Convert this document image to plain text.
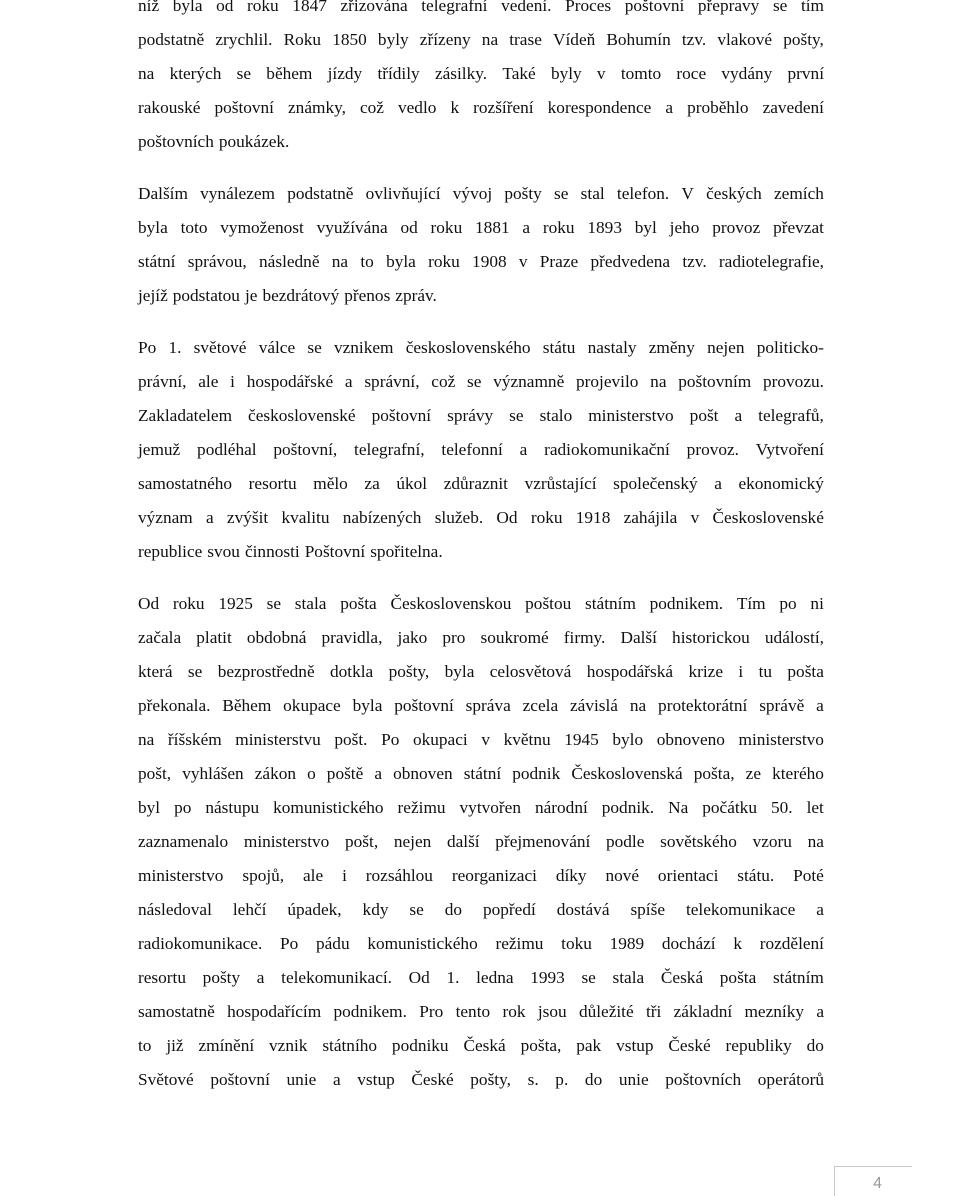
níž byla od roku 1847 zřizována telegrafní vedení. Proces poštovní přepravy se tím
podstatně zrychlil. Roku 1850 byly zřízeny na trase Vídeň Bohumín tzv. vlakové pošty,
na kterých se během jízdy třídily zásilky. Také byly v tomto roce vydány první
rakouské poštovní známky, což vedlo k rozšíření korespondence a proběhlo zavedení
poštovních poukázek.
Dalším vynálezem podstatně ovlivňující vývoj pošty se stal telefon. V českých zemích
byla toto vymoženost využívána od roku 1881 a roku 1893 byl jeho provoz převzat
státní správou, následně na to byla roku 1908 v Praze předvedena tzv. radiotelegrafie,
jejíž podstatou je bezdrátový přenos zpráv.
Po 1. světové válce se vznikem československého státu nastaly změny nejen politicko-
právní, ale i hospodářské a správní, což se významně projevilo na poštovním provozu.
Zakladatelem československé poštovní správy se stalo ministerstvo pošt a telegrafů,
jemuž podléhal poštovní, telegrafní, telefonní a radiokomunikační provoz. Vytvoření
samostatného resortu mělo za úkol zdůraznit vzrůstající společenský a ekonomický
význam a zvýšit kvalitu nabízených služeb. Od roku 1918 zahájila v Československé
republice svou činnosti Poštovní spořitelna.
Od roku 1925 se stala pošta Československou poštou státním podnikem. Tím po ni
začala platit obdobná pravidla, jako pro soukromé firmy. Další historickou událostí,
která se bezprostředně dotkla pošty, byla celosvětová hospodářská krize i tu pošta
překonala. Během okupace byla poštovní správa zcela závislá na protektorátní správě a
na říšském ministerstvu pošt. Po okupaci v květnu 1945 bylo obnoveno ministerstvo
pošt, vyhlášen zákon o poště a obnoven státní podnik Československá pošta, ze kterého
byl po nástupu komunistického režimu vytvořen národní podnik. Na počátku 50. let
zaznamenalo ministerstvo pošt, nejen další přejmenování podle sovětského vzoru na
ministerstvo spojů, ale i rozsáhlou reorganizaci díky nové orientaci státu. Poté
následoval lehčí úpadek, kdy se do popředí dostává spíše telekomunikace a
radiokomunikace. Po pádu komunistického režimu toku 1989 dochází k rozdělení
resortu pošty a telekomunikací. Od 1. ledna 1993 se stala Česká pošta státním
samostatně hospodařícím podnikem. Pro tento rok jsou důležité tři základní mezníky a
to již zmínění vznik státního podniku Česká pošta, pak vstup České republiky do
Světové poštovní unie a vstup České pošty, s. p. do unie poštovních operátorů
4
